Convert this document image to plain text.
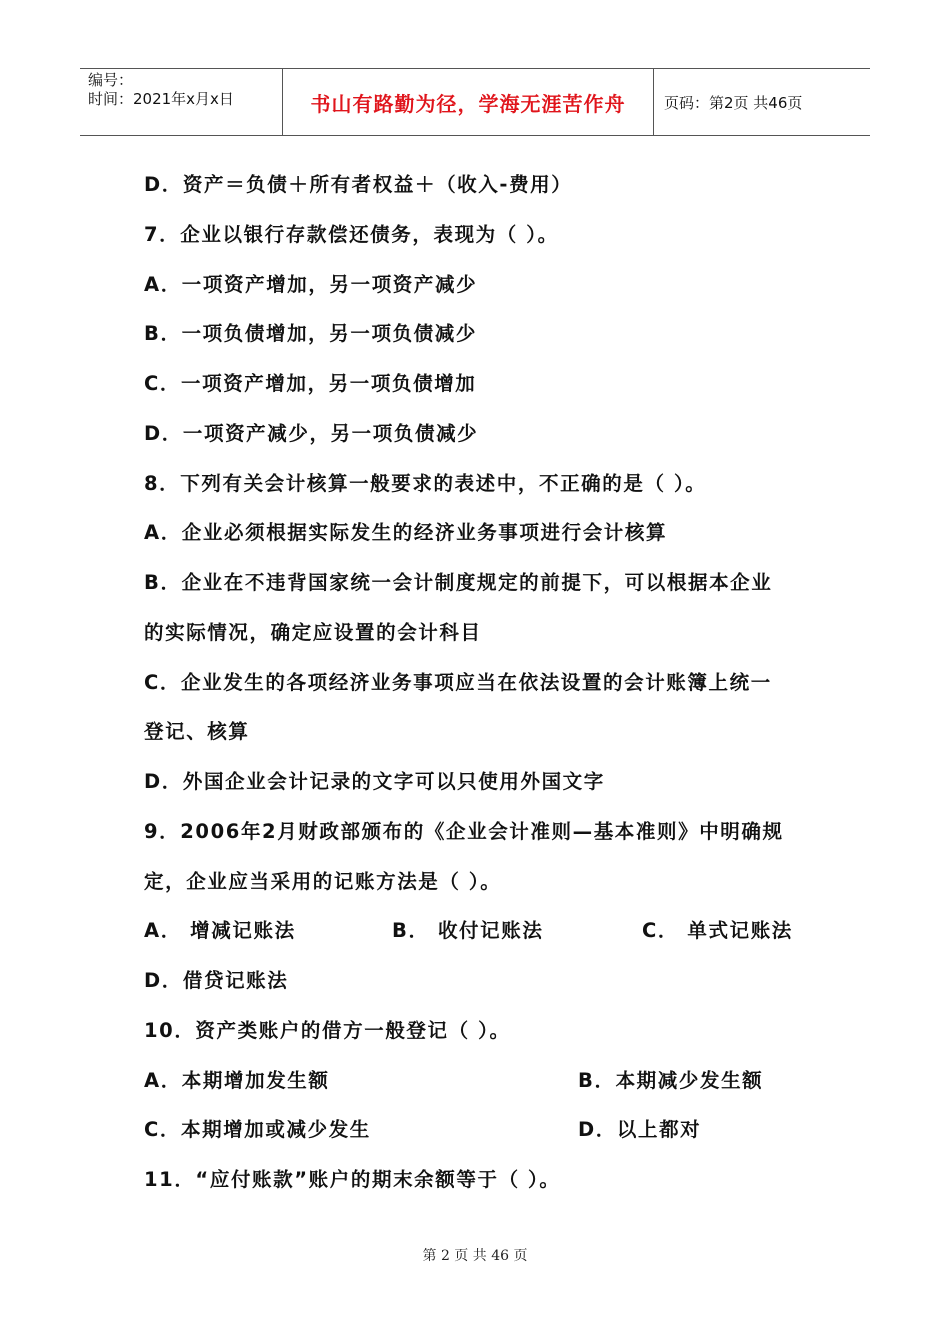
编号：
时间：2021年x月x日	书山有路勤为径，学海无涯苦作舟	页码：第2页 共46页
D．资产＝负债＋所有者权益＋（收入-费用）
7．企业以银行存款偿还债务，表现为（ ）。
A．一项资产增加，另一项资产减少
B．一项负债增加，另一项负债减少
C．一项资产增加，另一项负债增加
D．一项资产减少，另一项负债减少
8．下列有关会计核算一般要求的表述中，不正确的是（ ）。
A．企业必须根据实际发生的经济业务事项进行会计核算
B．企业在不违背国家统一会计制度规定的前提下，可以根据本企业
的实际情况，确定应设置的会计科目
C．企业发生的各项经济业务事项应当在依法设置的会计账簿上统一
登记、核算
D．外国企业会计记录的文字可以只使用外国文字
9．2006年2月财政部颁布的《企业会计准则—基本准则》中明确规
定，企业应当采用的记账方法是（ ）。
A． 增减记账法	B． 收付记账法	C． 单式记账法
D．借贷记账法
10．资产类账户的借方一般登记（ ）。
A．本期增加发生额	B．本期减少发生额
C．本期增加或减少发生	D．以上都对
11．“应付账款”账户的期末余额等于（ ）。
第 2 页 共 46 页
